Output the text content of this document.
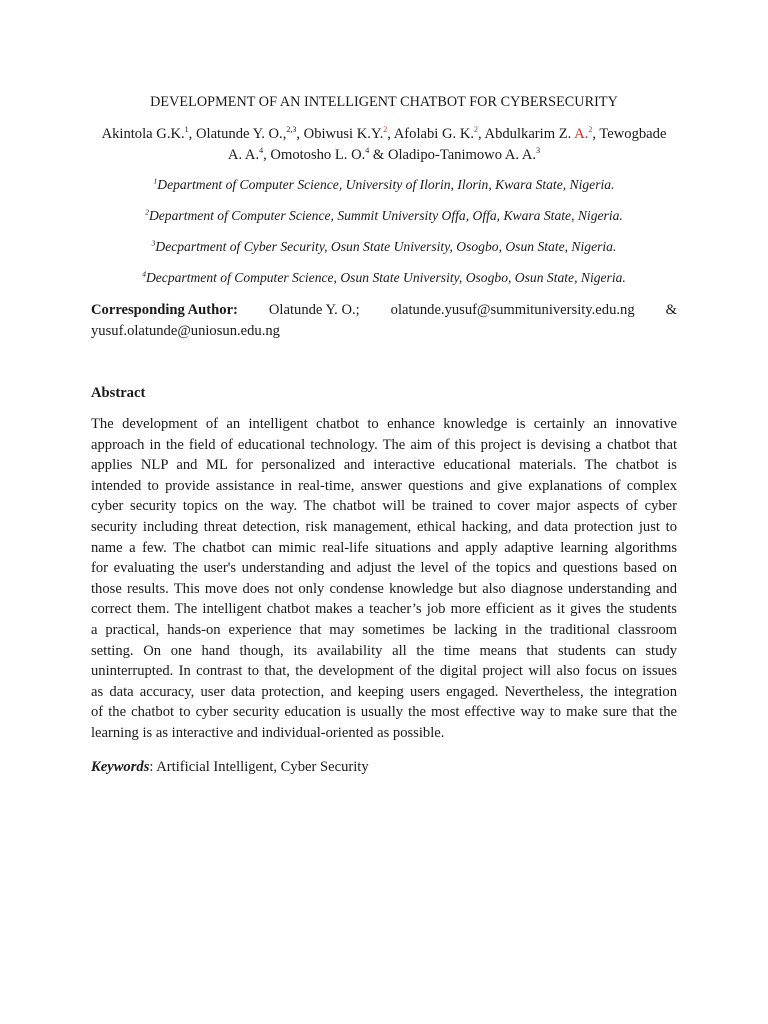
DEVELOPMENT OF AN INTELLIGENT CHATBOT FOR CYBERSECURITY
Akintola G.K.$^1$, Olatunde Y. O.,$^{2,3}$, Obiwusi K.Y.$^2$, Afolabi G. K.$^2$, Abdulkarim Z. A.$^2$, Tewogbade
A. A.$^4$, Omotosho L. O.$^4$ & Oladipo-Tanimowo A. A.$^3$
$^1$Department of Computer Science, University of Ilorin, Ilorin, Kwara State, Nigeria.
$^2$Department of Computer Science, Summit University Offa, Offa, Kwara State, Nigeria.
$^3$Decpartment of Cyber Security, Osun State University, Osogbo, Osun State, Nigeria.
$^4$Decpartment of Computer Science, Osun State University, Osogbo, Osun State, Nigeria.
Corresponding Author: Olatunde Y. O.; olatunde.yusuf@summituniversity.edu.ng &
yusuf.olatunde@uniosun.edu.ng
Abstract
The development of an intelligent chatbot to enhance knowledge is certainly an innovative
approach in the field of educational technology. The aim of this project is devising a chatbot that
applies NLP and ML for personalized and interactive educational materials. The chatbot is
intended to provide assistance in real-time, answer questions and give explanations of complex
cyber security topics on the way. The chatbot will be trained to cover major aspects of cyber
security including threat detection, risk management, ethical hacking, and data protection just to
name a few. The chatbot can mimic real-life situations and apply adaptive learning algorithms
for evaluating the user's understanding and adjust the level of the topics and questions based on
those results. This move does not only condense knowledge but also diagnose understanding and
correct them. The intelligent chatbot makes a teacher’s job more efficient as it gives the students
a practical, hands-on experience that may sometimes be lacking in the traditional classroom
setting. On one hand though, its availability all the time means that students can study
uninterrupted. In contrast to that, the development of the digital project will also focus on issues
as data accuracy, user data protection, and keeping users engaged. Nevertheless, the integration
of the chatbot to cyber security education is usually the most effective way to make sure that the
learning is as interactive and individual-oriented as possible.
Keywords: Artificial Intelligent, Cyber Security
